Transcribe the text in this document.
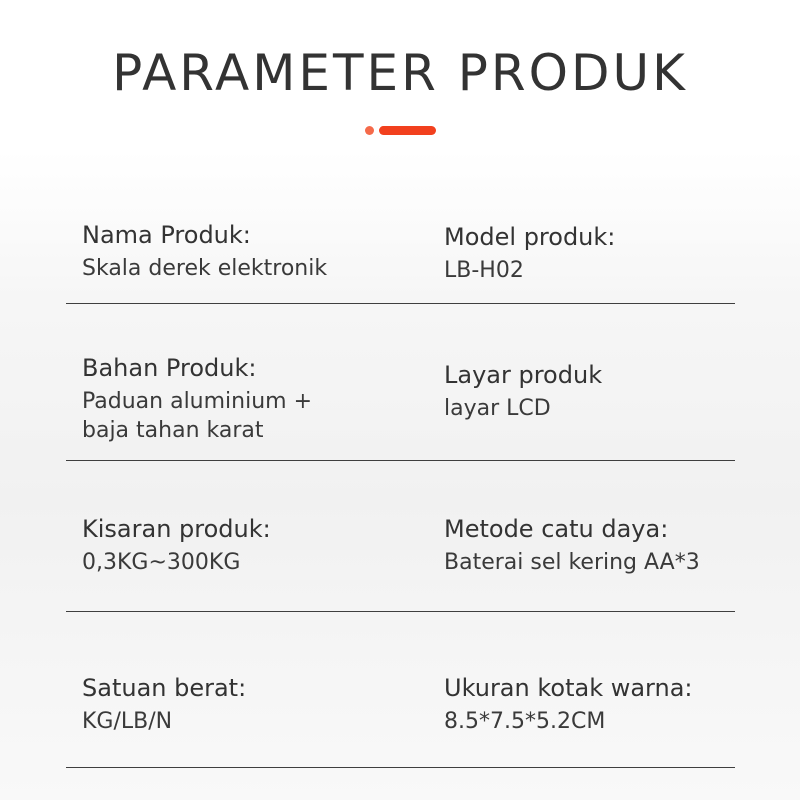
PARAMETER PRODUK
Nama Produk:
Skala derek elektronik
Model produk:
LB-H02
Bahan Produk:
Paduan aluminium +
baja tahan karat
Layar produk
layar LCD
Kisaran produk:
0,3KG~300KG
Metode catu daya:
Baterai sel kering AA*3
Satuan berat:
KG/LB/N
Ukuran kotak warna:
8.5*7.5*5.2CM
